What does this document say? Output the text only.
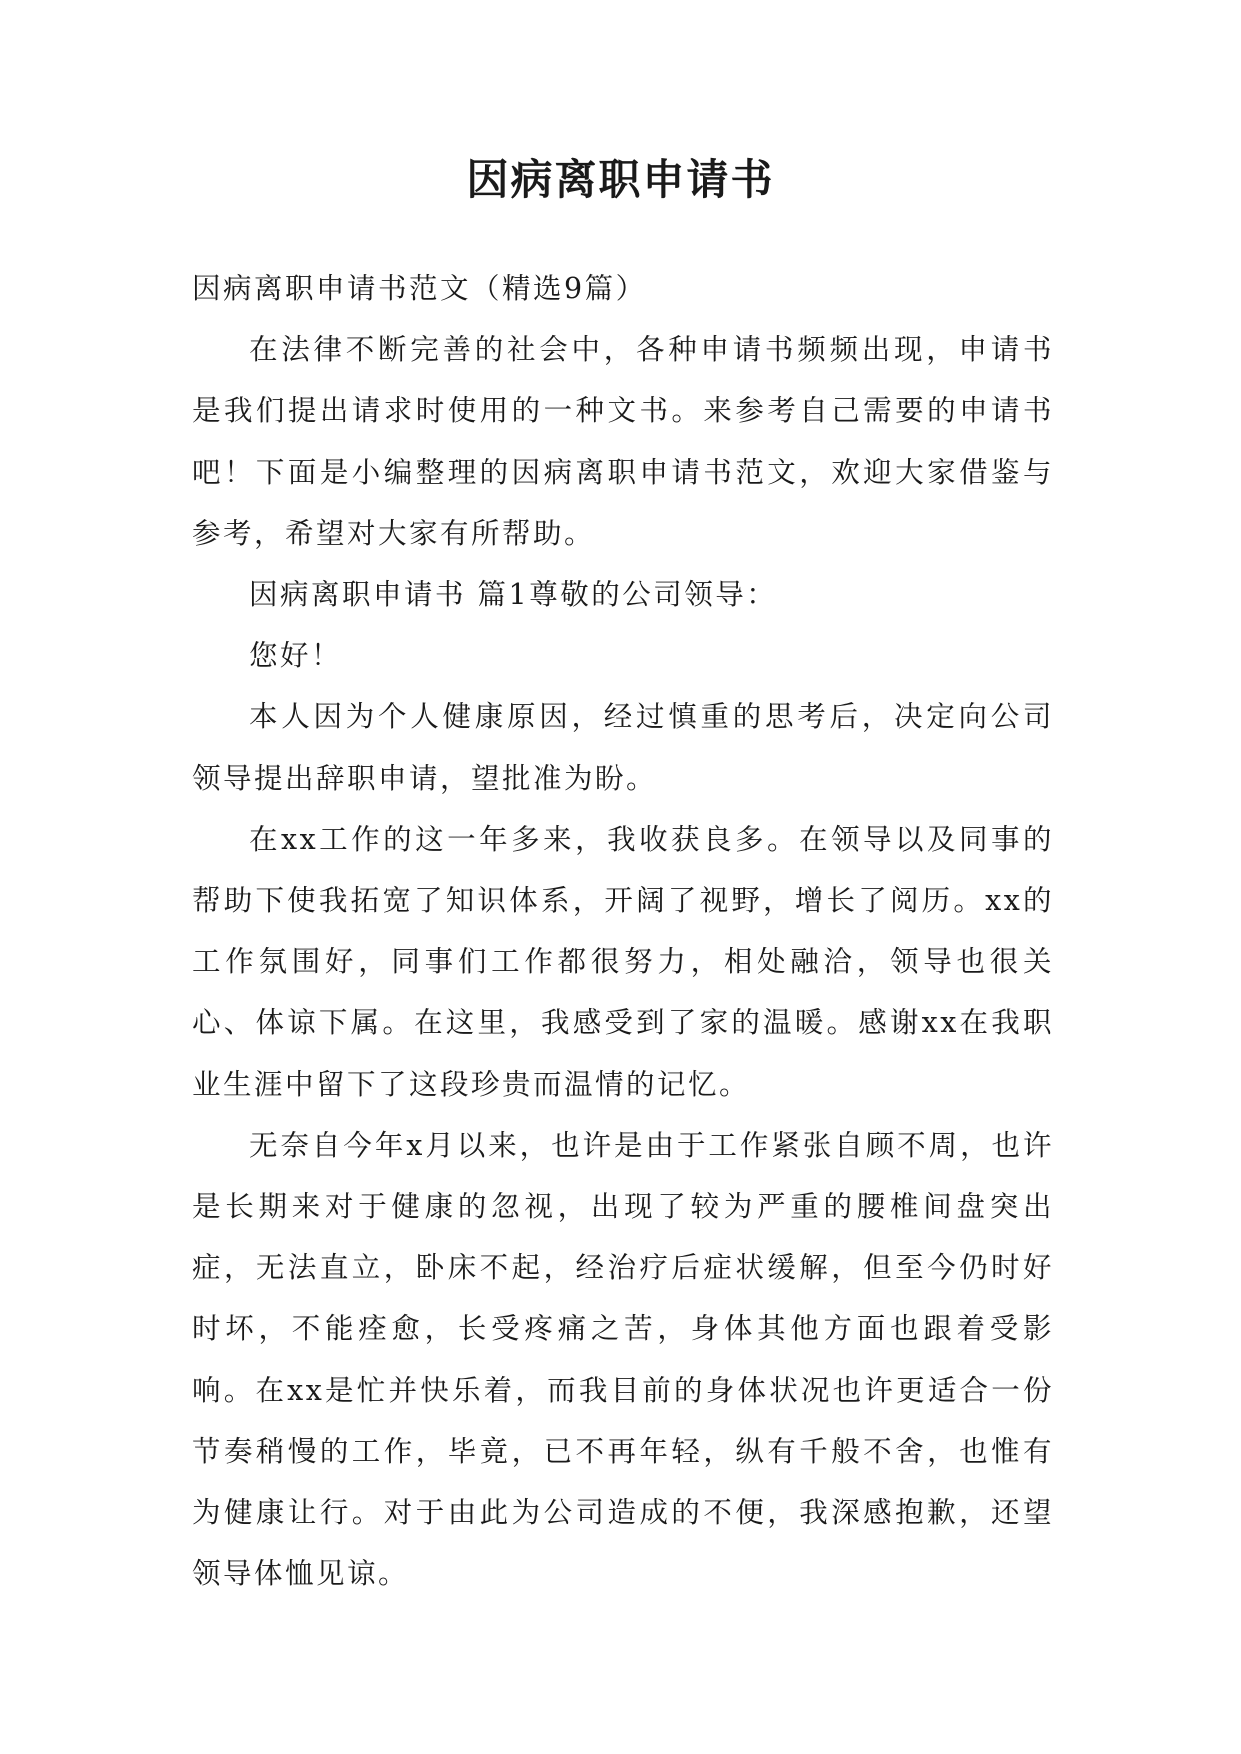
因病离职申请书

因病离职申请书范文（精选9篇）

在法律不断完善的社会中，各种申请书频频出现，申请书是我们提出请求时使用的一种文书。来参考自己需要的申请书吧！下面是小编整理的因病离职申请书范文，欢迎大家借鉴与参考，希望对大家有所帮助。

因病离职申请书 篇1尊敬的公司领导：

您好！

本人因为个人健康原因，经过慎重的思考后，决定向公司领导提出辞职申请，望批准为盼。

在xx工作的这一年多来，我收获良多。在领导以及同事的帮助下使我拓宽了知识体系，开阔了视野，增长了阅历。xx的工作氛围好，同事们工作都很努力，相处融洽，领导也很关心、体谅下属。在这里，我感受到了家的温暖。感谢xx在我职业生涯中留下了这段珍贵而温情的记忆。

无奈自今年x月以来，也许是由于工作紧张自顾不周，也许是长期来对于健康的忽视，出现了较为严重的腰椎间盘突出症，无法直立，卧床不起，经治疗后症状缓解，但至今仍时好时坏，不能痊愈，长受疼痛之苦，身体其他方面也跟着受影响。在xx是忙并快乐着，而我目前的身体状况也许更适合一份节奏稍慢的工作，毕竟，已不再年轻，纵有千般不舍，也惟有为健康让行。对于由此为公司造成的不便，我深感抱歉，还望领导体恤见谅。
